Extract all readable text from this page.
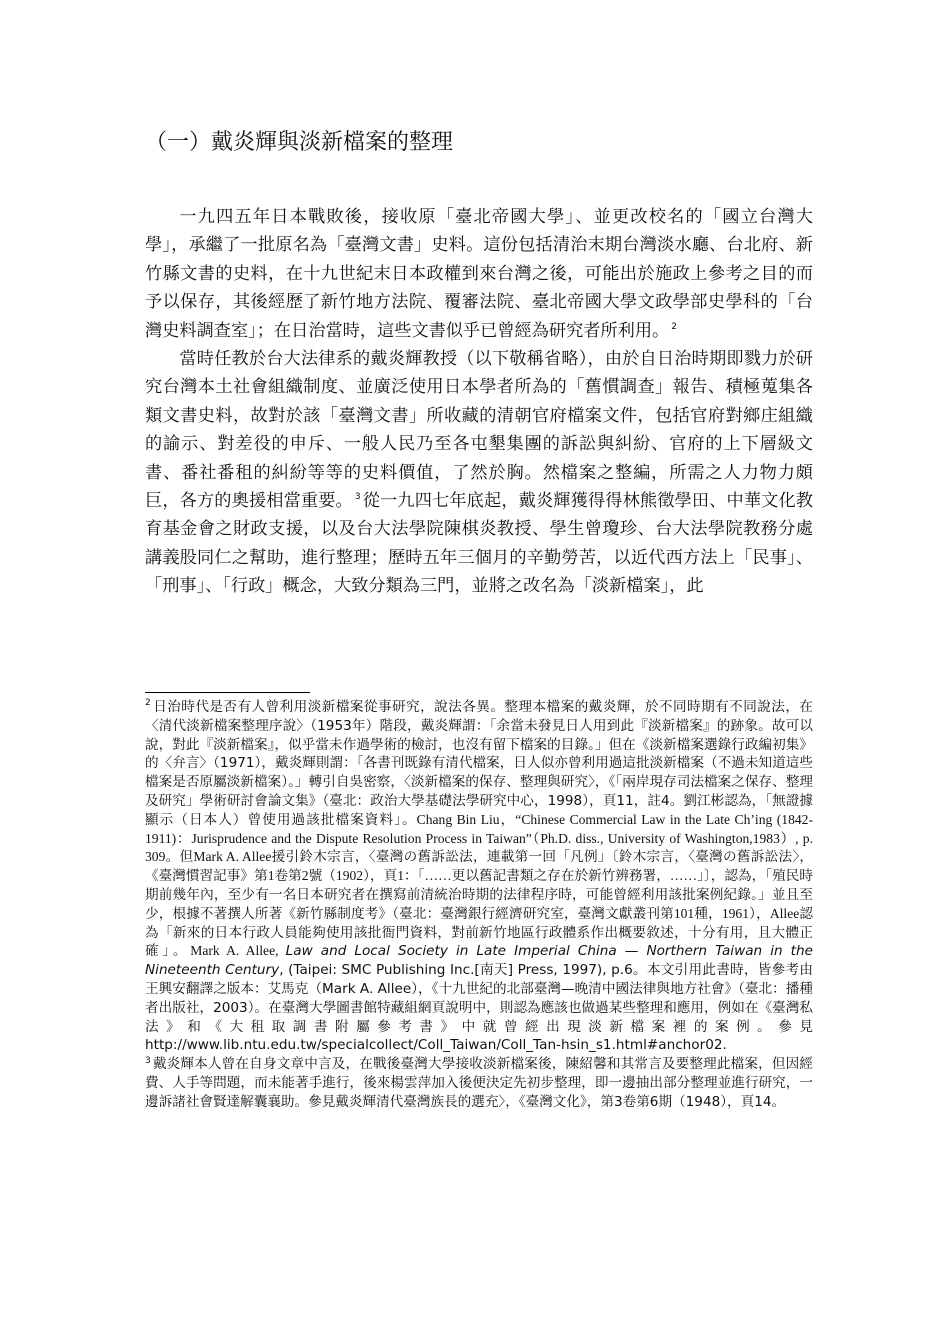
（一）戴炎輝與淡新檔案的整理

一九四五年日本戰敗後，接收原「臺北帝國大學」、並更改校名的「國立台灣大學」，承繼了一批原名為「臺灣文書」史料。這份包括清治末期台灣淡水廳、台北府、新竹縣文書的史料，在十九世紀末日本政權到來台灣之後，可能出於施政上參考之目的而予以保存，其後經歷了新竹地方法院、覆審法院、臺北帝國大學文政學部史學科的「台灣史料調查室」；在日治當時，這些文書似乎已曾經為研究者所利用。 $^2$

當時任教於台大法律系的戴炎輝教授（以下敬稱省略），由於自日治時期即戮力於研究台灣本土社會組織制度、並廣泛使用日本學者所為的「舊慣調查」報告、積極蒐集各類文書史料，故對於該「臺灣文書」所收藏的清朝官府檔案文件，包括官府對鄉庄組織的諭示、對差役的申斥、一般人民乃至各屯墾集團的訴訟與糾紛、官府的上下層級文書、番社番租的糾紛等等的史料價值，了然於胸。然檔案之整編，所需之人力物力頗巨，各方的奧援相當重要。 $^3$ 從一九四七年底起，戴炎輝獲得得林熊徵學田、中華文化教育基金會之財政支援，以及台大法學院陳棋炎教授、學生曾瓊珍、台大法學院教務分處講義股同仁之幫助，進行整理；歷時五年三個月的辛勤勞苦，以近代西方法上「民事」、「刑事」、「行政」概念，大致分類為三門，並將之改名為「淡新檔案」，此

$^2$ 日治時代是否有人曾利用淡新檔案從事研究，說法各異。整理本檔案的戴炎輝，於不同時期有不同說法，在〈清代淡新檔案整理序說〉（1953年）階段，戴炎輝謂：「余當未發見日人用到此『淡新檔案』的跡象。故可以說，對此『淡新檔案』，似乎當未作過學術的檢討，也沒有留下檔案的目錄。」但在《淡新檔案選錄行政編初集》的〈弁言〉（1971），戴炎輝則謂：「各書刊既錄有清代檔案，日人似亦曾利用過這批淡新檔案（不過未知道這些檔案是否原屬淡新檔案）。」轉引自吳密察，〈淡新檔案的保存、整理與研究〉，《「兩岸現存司法檔案之保存、整理及研究」學術研討會論文集》（臺北：政治大學基礎法學研究中心，1998），頁11，註4。劉江彬認為，「無證據顯示（日本人）曾使用過該批檔案資料」。Chang Bin Liu，“Chinese Commercial Law in the Late Ch’ing (1842-1911)：Jurisprudence and the Dispute Resolution Process in Taiwan”（Ph.D. diss., University of Washington,1983）, p. 309。但Mark A. Allee援引鈴木宗言，〈臺灣の舊訴訟法，連載第一回「凡例」〔鈴木宗言，〈臺灣の舊訴訟法〉，《臺灣慣習記事》第1卷第2號（1902），頁1：「……更以舊記書類之存在於新竹辨務署，……」〕，認為，「殖民時期前幾年內，至少有一名日本研究者在撰寫前清統治時期的法律程序時，可能曾經利用該批案例紀錄。」並且至少，根據不著撰人所著《新竹縣制度考》（臺北：臺灣銀行經濟研究室，臺灣文獻叢刊第101種，1961），Allee認為「新來的日本行政人員能夠使用該批衙門資料，對前新竹地區行政體系作出概要敘述，十分有用，且大體正確」。Mark A. Allee, Law and Local Society in Late Imperial China — Northern Taiwan in the Nineteenth Century, (Taipei: SMC Publishing Inc.[南天] Press, 1997), p.6。本文引用此書時，皆參考由王興安翻譯之版本：艾馬克（Mark A. Allee），《十九世紀的北部臺灣—晚清中國法律與地方社會》（臺北：播種者出版社，2003）。在臺灣大學圖書館特藏組網頁說明中，則認為應該也做過某些整理和應用，例如在《臺灣私法》和《大租取調書附屬參考書》中就曾經出現淡新檔案裡的案例。參見http://www.lib.ntu.edu.tw/specialcollect/Coll_Taiwan/Coll_Tan-hsin_s1.html#anchor02.

$^3$ 戴炎輝本人曾在自身文章中言及，在戰後臺灣大學接收淡新檔案後，陳紹馨和其常言及要整理此檔案，但因經費、人手等問題，而未能著手進行，後來楊雲萍加入後便決定先初步整理，即一邊抽出部分整理並進行研究，一邊訴諸社會賢達解囊襄助。參見戴炎輝清代臺灣族長的選充〉，《臺灣文化》，第3卷第6期（1948），頁14。
